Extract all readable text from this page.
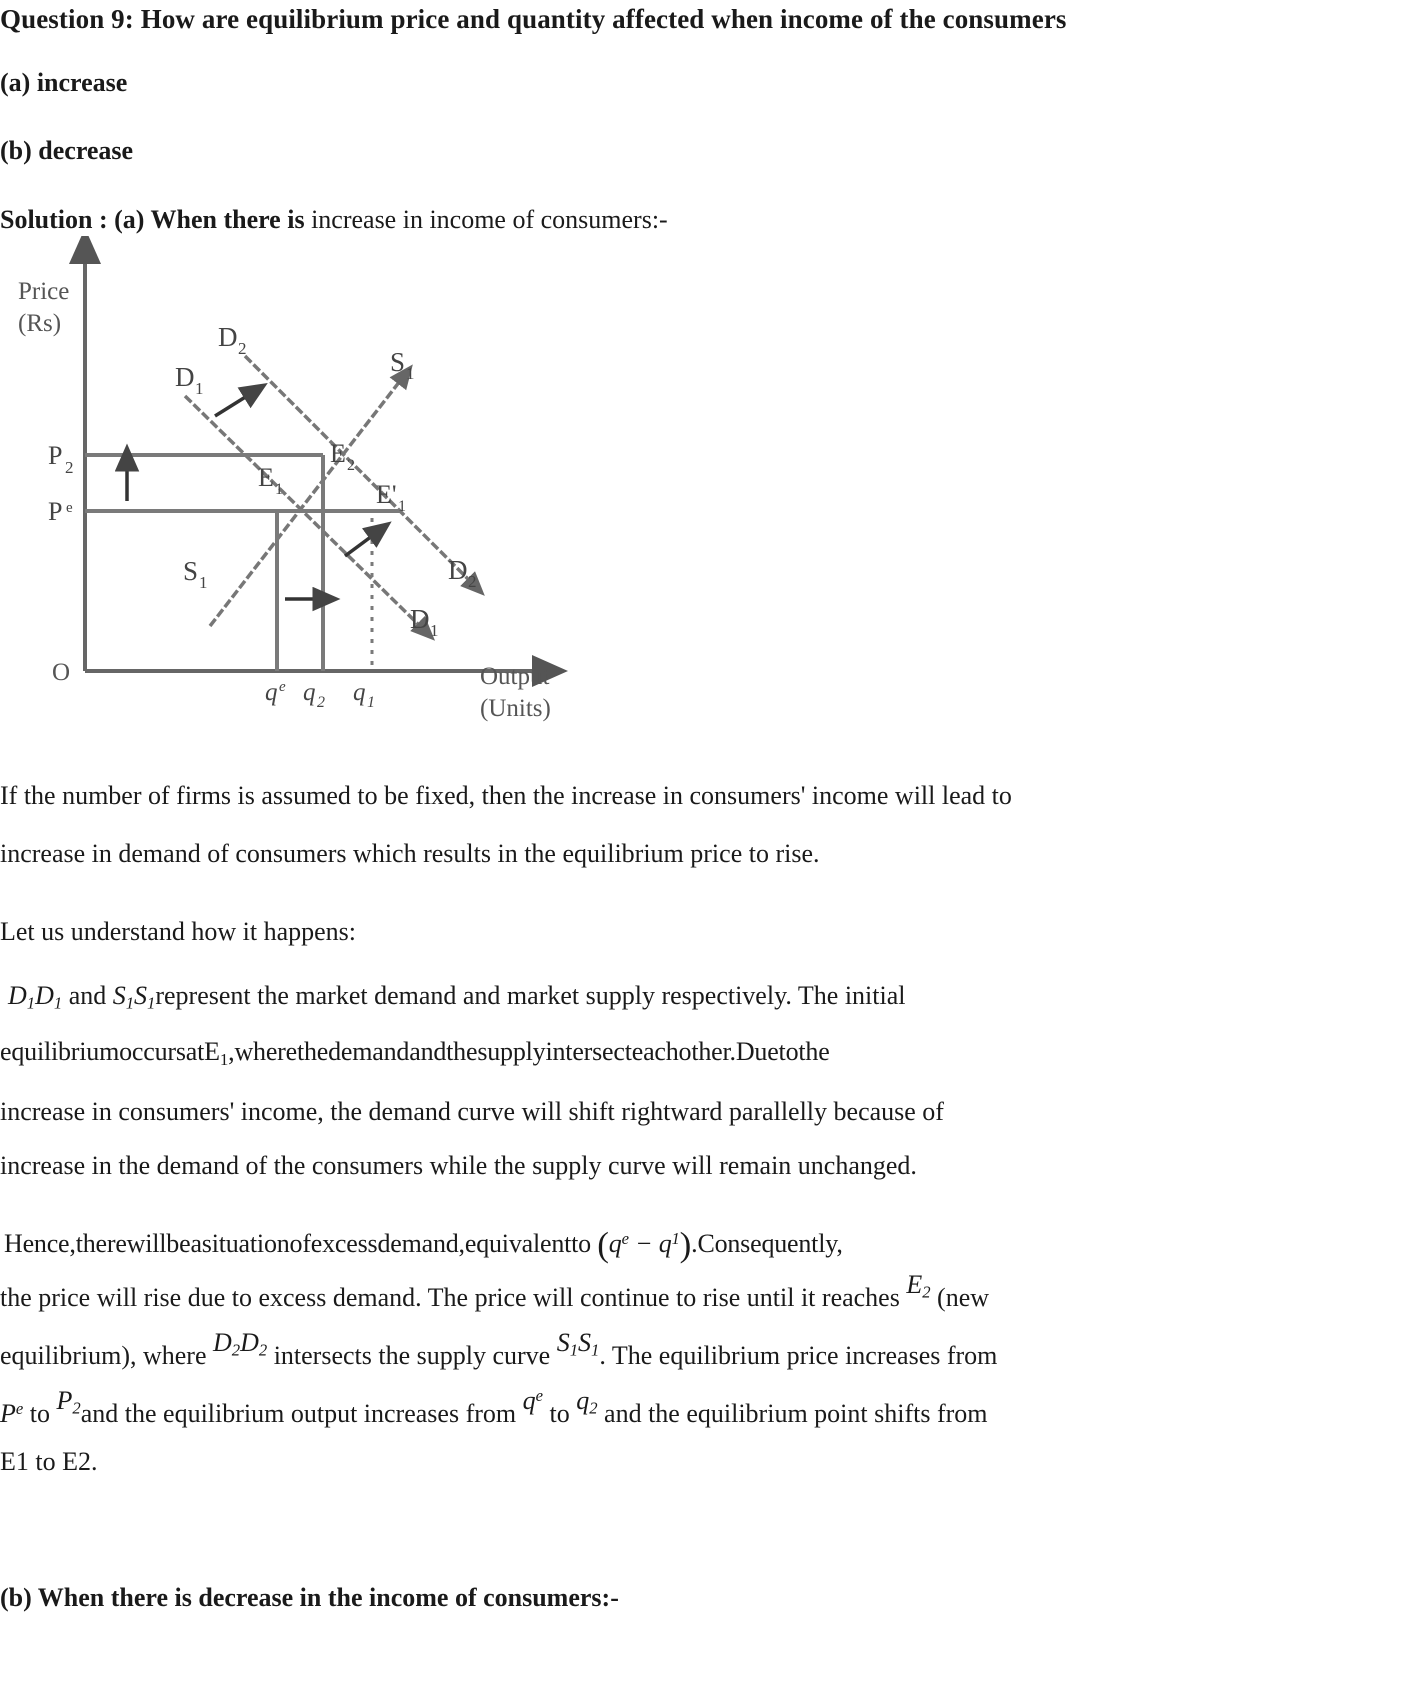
Question 9: How are equilibrium price and quantity affected when income of the consumers
(a) increase
(b) decrease
Solution : (a) When there is increase in income of consumers:-
Price
(Rs)
Output
(Units)
O
P 2
P e
q e q 2 q 1
D 2
D 1
S 1
S 1	D 2
D 1
E 1
E 2
E' 1
If the number of firms is assumed to be fixed, then the increase in consumers' income will lead to
increase in demand of consumers which results in the equilibrium price to rise.
Let us understand how it happens:
$D_1D_1$ and $S_1S_1represent$ the market demand and market supply respectively. The initial
equilibriumoccursatE$_1$,wherethedemandandthesupplyintersecteachother.Duetothe
increase in consumers' income, the demand curve will shift rightward parallelly because of
increase in the demand of the consumers while the supply curve will remain unchanged.
Hence,therewillbeasituationofexcessdemand,equivalentto ($q^e$ − $q^1).Consequently$,
the price will rise due to excess demand. The price will continue to rise until it reaches $E_2$ (new
equilibrium), where $D_2D_2$ intersects the supply curve $S_1S_1$. The equilibrium price increases from
$P^e$ to $P_2and$ the equilibrium output increases from $q^e$ to $q_2$ and the equilibrium point shifts from
E1 to E2.
(b) When there is decrease in the income of consumers:-
